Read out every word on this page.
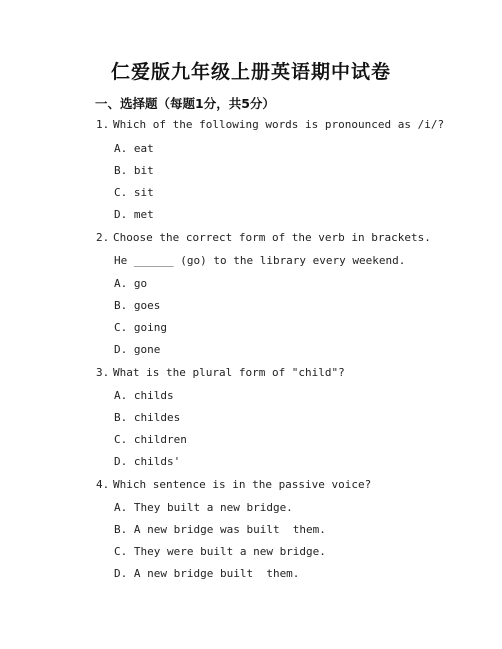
仁爱版九年级上册英语期中试卷
一、选择题（每题1分，共5分）
1. Which of the following words is pronounced as /i/?
A. eat
B. bit
C. sit
D. met
2. Choose the correct form of the verb in brackets.
He ______ (go) to the library every weekend.
A. go
B. goes
C. going
D. gone
3. What is the plural form of "child"?
A. childs
B. childes
C. children
D. childs'
4. Which sentence is in the passive voice?
A. They built a new bridge.
B. A new bridge was built  them.
C. They were built a new bridge.
D. A new bridge built  them.
